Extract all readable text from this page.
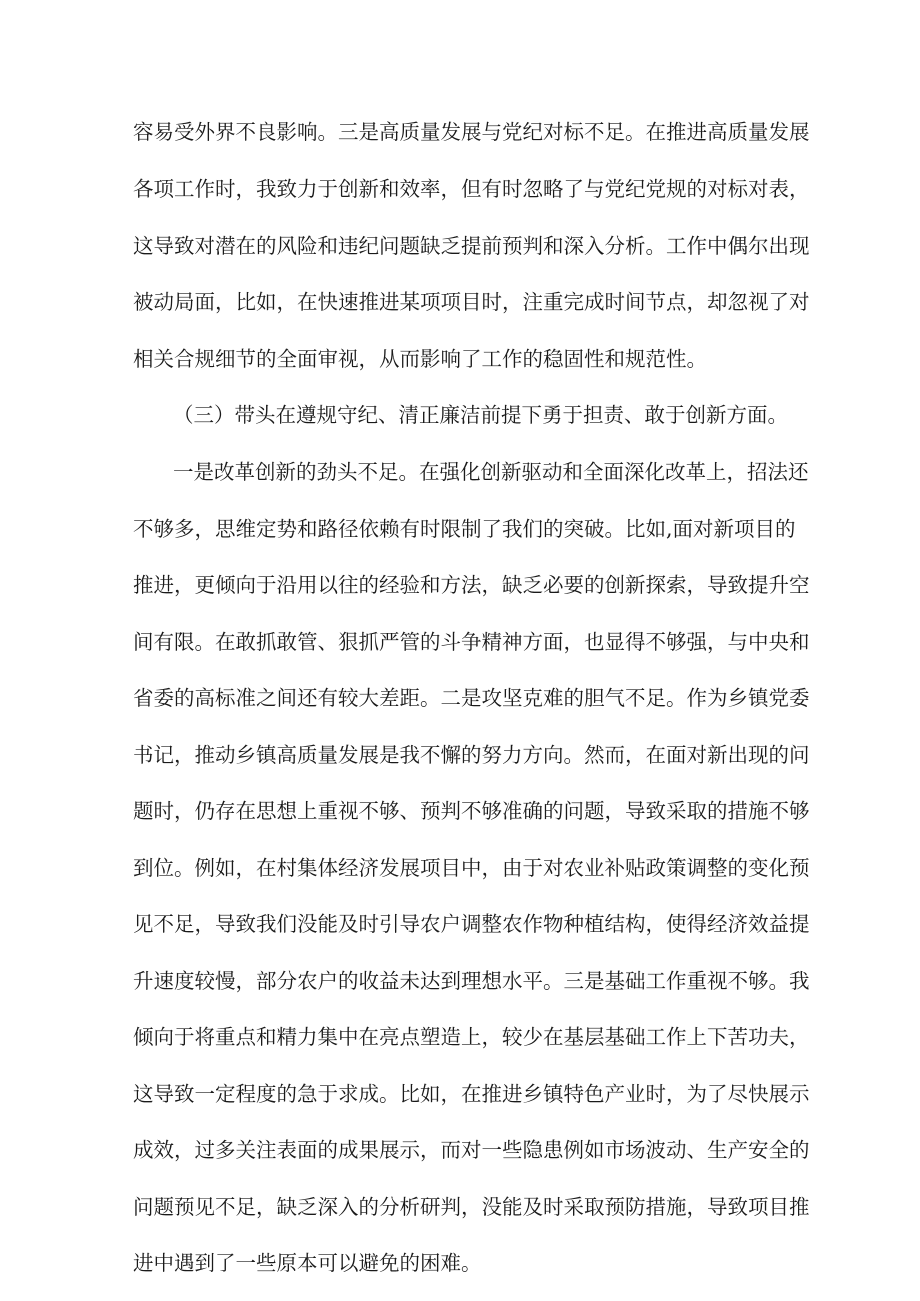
容易受外界不良影响。三是高质量发展与党纪对标不足。在推进高质量发展
各项工作时，我致力于创新和效率，但有时忽略了与党纪党规的对标对表，
这导致对潜在的风险和违纪问题缺乏提前预判和深入分析。工作中偶尔出现
被动局面，比如，在快速推进某项项目时，注重完成时间节点，却忽视了对
相关合规细节的全面审视，从而影响了工作的稳固性和规范性。
（三）带头在遵规守纪、清正廉洁前提下勇于担责、敢于创新方面。
一是改革创新的劲头不足。在强化创新驱动和全面深化改革上，招法还
不够多，思维定势和路径依赖有时限制了我们的突破。比如,面对新项目的
推进，更倾向于沿用以往的经验和方法，缺乏必要的创新探索，导致提升空
间有限。在敢抓敢管、狠抓严管的斗争精神方面，也显得不够强，与中央和
省委的高标准之间还有较大差距。二是攻坚克难的胆气不足。作为乡镇党委
书记，推动乡镇高质量发展是我不懈的努力方向。然而，在面对新出现的问
题时，仍存在思想上重视不够、预判不够准确的问题，导致采取的措施不够
到位。例如，在村集体经济发展项目中，由于对农业补贴政策调整的变化预
见不足，导致我们没能及时引导农户调整农作物种植结构，使得经济效益提
升速度较慢，部分农户的收益未达到理想水平。三是基础工作重视不够。我
倾向于将重点和精力集中在亮点塑造上，较少在基层基础工作上下苦功夫，
这导致一定程度的急于求成。比如，在推进乡镇特色产业时，为了尽快展示
成效，过多关注表面的成果展示，而对一些隐患例如市场波动、生产安全的
问题预见不足，缺乏深入的分析研判，没能及时采取预防措施，导致项目推
进中遇到了一些原本可以避免的困难。
